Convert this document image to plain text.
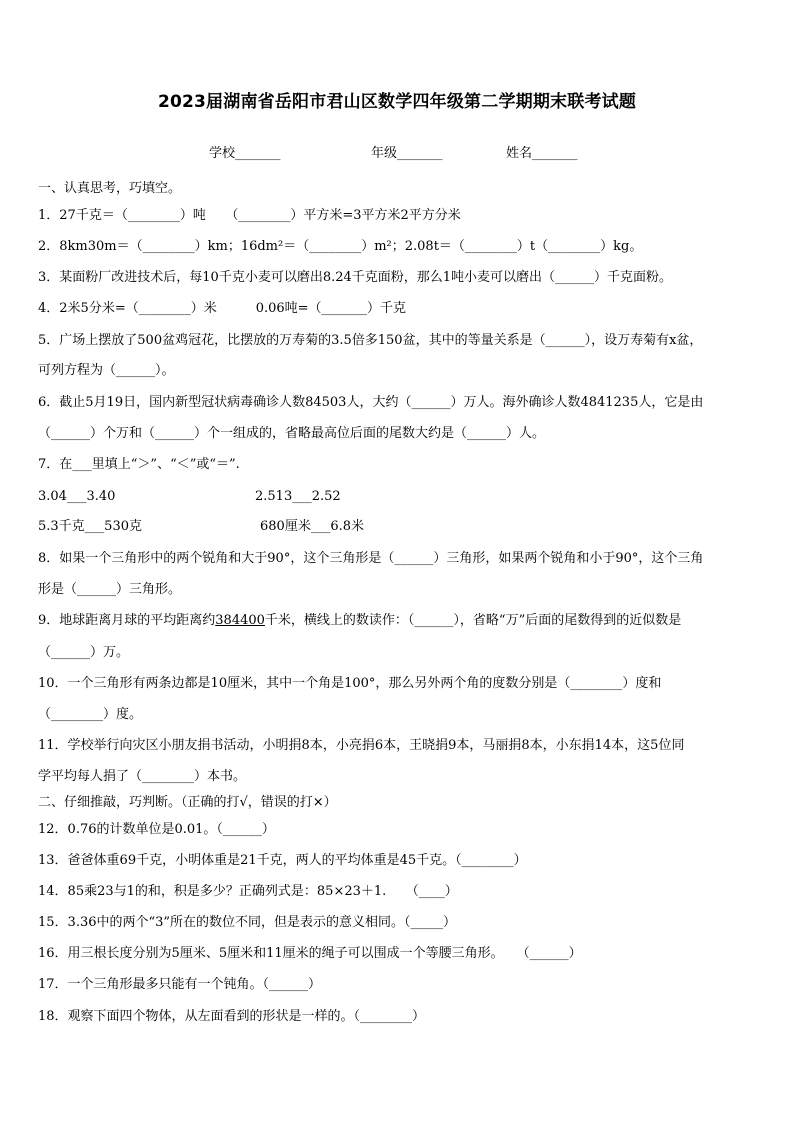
2023届湖南省岳阳市君山区数学四年级第二学期期末联考试题
学校_______	年级_______	姓名_______
一、认真思考，巧填空。
1．27千克＝（________）吨　　（________）平方米=3平方米2平方分米
2．8km30m＝（________）km；16dm²＝（________）m²；2.08t＝（________）t（________）kg。
3．某面粉厂改进技术后，每10千克小麦可以磨出8.24千克面粉，那么1吨小麦可以磨出（______）千克面粉。
4．2米5分米=（________）米　　　0.06吨=（_______）千克
5．广场上摆放了500盆鸡冠花，比摆放的万寿菊的3.5倍多150盆，其中的等量关系是（______），设万寿菊有x盆，
可列方程为（______）。
6．截止5月19日，国内新型冠状病毒确诊人数84503人，大约（______）万人。海外确诊人数4841235人，它是由
（______）个万和（______）个一组成的，省略最高位后面的尾数大约是（______）人。
7．在___里填上“＞”、“＜”或“＝”.
3.04___3.40	2.513___2.52
5.3千克___530克	680厘米___6.8米
8．如果一个三角形中的两个锐角和大于90°，这个三角形是（______）三角形，如果两个锐角和小于90°，这个三角
形是（______）三角形。
9．地球距离月球的平均距离约384400千米，横线上的数读作：（______），省略“万”后面的尾数得到的近似数是
（______）万。
10．一个三角形有两条边都是10厘米，其中一个角是100°，那么另外两个角的度数分别是（________）度和
（________）度。
11．学校举行向灾区小朋友捐书活动，小明捐8本，小亮捐6本，王晓捐9本，马丽捐8本，小东捐14本，这5位同
学平均每人捐了（________）本书。
二、仔细推敲，巧判断。（正确的打√，错误的打×）
12．0.76的计数单位是0.01。（______）
13．爸爸体重69千克，小明体重是21千克，两人的平均体重是45千克。（________）
14．85乘23与1的和，积是多少？正确列式是：85×23＋1.　　（____）
15．3.36中的两个“3”所在的数位不同，但是表示的意义相同。（_____）
16．用三根长度分别为5厘米、5厘米和11厘米的绳子可以围成一个等腰三角形。　　（______）
17．一个三角形最多只能有一个钝角。（______）
18．观察下面四个物体，从左面看到的形状是一样的。（________）
